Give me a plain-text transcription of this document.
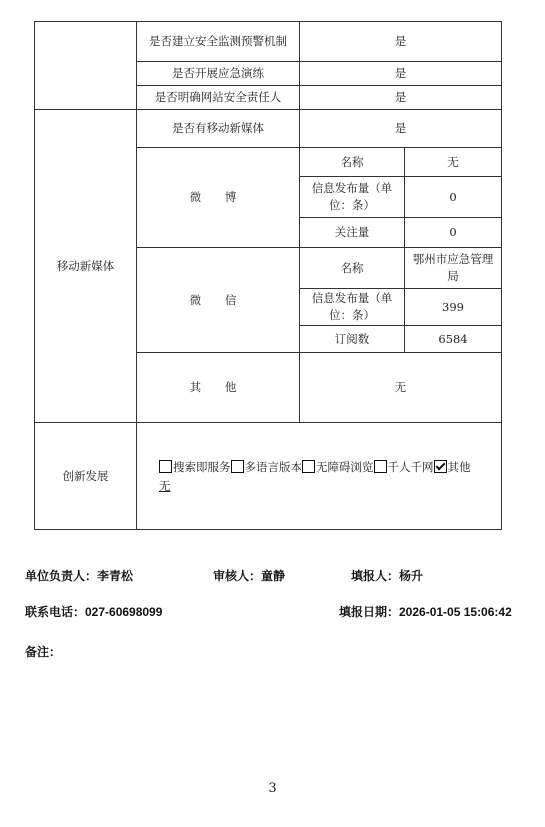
	是否建立安全监测预警机制	是	
	是否开展应急演练	是	
	是否明确网站安全责任人	是	
移动新媒体	是否有移动新媒体	是	
	微 博	名称	无
		信息发布量（单位：条）	0
		关注量	0
	微 信	名称	鄂州市应急管理局
		信息发布量（单位：条）	399
		订阅数	6584
	其 他	无	
创新发展	搜索即服务 多语言版本 无障碍浏览 千人千网 其他
无		
单位负责人：李青松	审核人：童静	填报人：杨升
联系电话：027-60698099	填报日期：2026-01-05 15:06:42
备注：
3
